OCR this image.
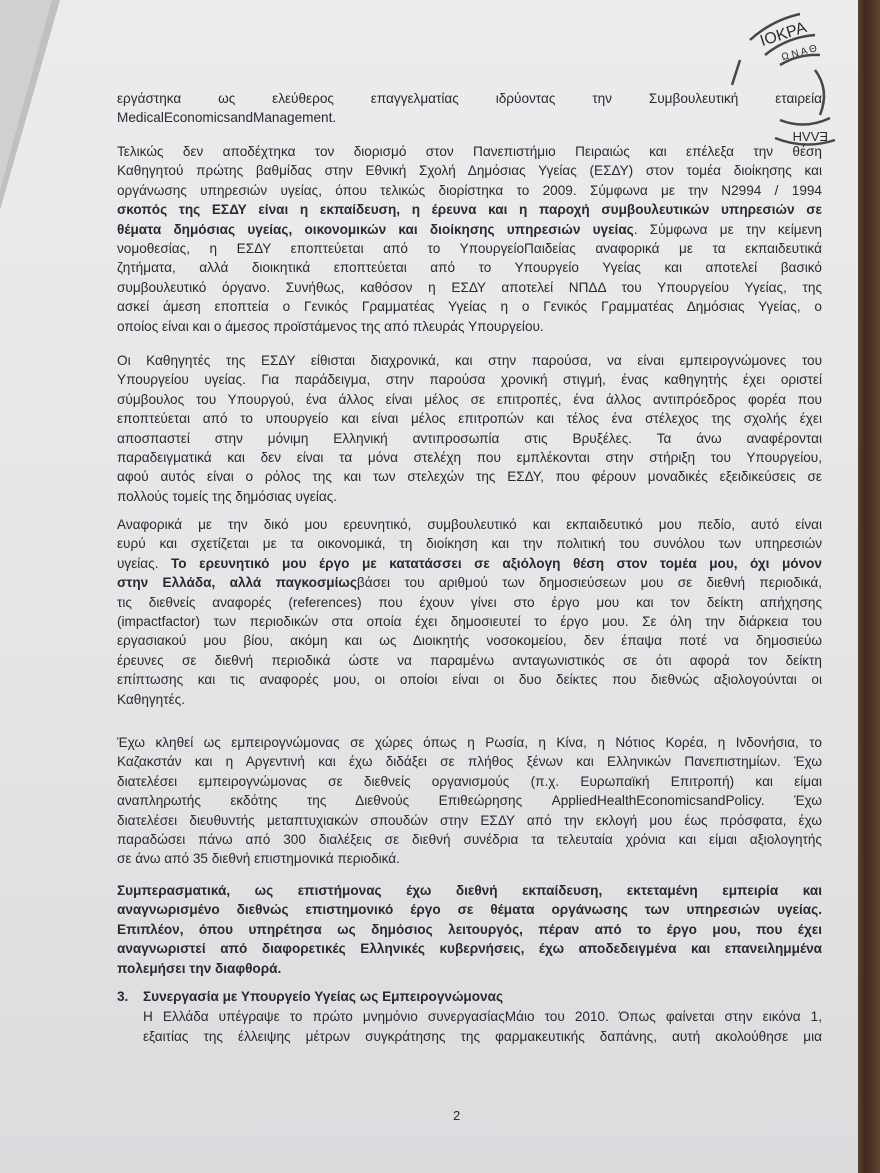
ΙΟΚΡΑ
Ω Ν Α Θ
ΕΛΛΗ
εργάστηκα ως ελεύθερος επαγγελματίας ιδρύοντας την Συμβουλευτική εταιρεία
MedicalEconomicsandManagement.
Τελικώς δεν αποδέχτηκα τον διορισμό στον Πανεπιστήμιο Πειραιώς και επέλεξα την θέση
Καθηγητού πρώτης βαθμίδας στην Εθνική Σχολή Δημόσιας Υγείας (ΕΣΔΥ) στον τομέα διοίκησης και
οργάνωσης υπηρεσιών υγείας, όπου τελικώς διορίστηκα το 2009. Σύμφωνα με την Ν2994 / 1994
σκοπός της ΕΣΔΥ είναι η εκπαίδευση, η έρευνα και η παροχή συμβουλευτικών υπηρεσιών σε
θέματα δημόσιας υγείας, οικονομικών και διοίκησης υπηρεσιών υγείας. Σύμφωνα με την κείμενη
νομοθεσίας, η ΕΣΔΥ εποπτεύεται από το ΥπουργείοΠαιδείας αναφορικά με τα εκπαιδευτικά
ζητήματα, αλλά διοικητικά εποπτεύεται από το Υπουργείο Υγείας και αποτελεί βασικό
συμβουλευτικό όργανο. Συνήθως, καθόσον η ΕΣΔΥ αποτελεί ΝΠΔΔ του Υπουργείου Υγείας, της
ασκεί άμεση εποπτεία ο Γενικός Γραμματέας Υγείας η ο Γενικός Γραμματέας Δημόσιας Υγείας, ο
οποίος είναι και ο άμεσος προϊστάμενος της από πλευράς Υπουργείου.
Οι Καθηγητές της ΕΣΔΥ είθισται διαχρονικά, και στην παρούσα, να είναι εμπειρογνώμονες του
Υπουργείου υγείας. Για παράδειγμα, στην παρούσα χρονική στιγμή, ένας καθηγητής έχει οριστεί
σύμβουλος του Υπουργού, ένα άλλος είναι μέλος σε επιτροπές, ένα άλλος αντιπρόεδρος φορέα που
εποπτεύεται από το υπουργείο και είναι μέλος επιτροπών και τέλος ένα στέλεχος της σχολής έχει
αποσπαστεί στην μόνιμη Ελληνική αντιπροσωπία στις Βρυξέλες. Τα άνω αναφέρονται
παραδειγματικά και δεν είναι τα μόνα στελέχη που εμπλέκονται στην στήριξη του Υπουργείου,
αφού αυτός είναι ο ρόλος της και των στελεχών της ΕΣΔΥ, που φέρουν μοναδικές εξειδικεύσεις σε
πολλούς τομείς της δημόσιας υγείας.
Αναφορικά με την δικό μου ερευνητικό, συμβουλευτικό και εκπαιδευτικό μου πεδίο, αυτό είναι
ευρύ και σχετίζεται με τα οικονομικά, τη διοίκηση και την πολιτική του συνόλου των υπηρεσιών
υγείας. Το ερευνητικό μου έργο με κατατάσσει σε αξιόλογη θέση στον τομέα μου, όχι μόνον
στην Ελλάδα, αλλά παγκοσμίωςβάσει του αριθμού των δημοσιεύσεων μου σε διεθνή περιοδικά,
τις διεθνείς αναφορές (references) που έχουν γίνει στο έργο μου και τον δείκτη απήχησης
(impactfactor) των περιοδικών στα οποία έχει δημοσιευτεί το έργο μου. Σε όλη την διάρκεια του
εργασιακού μου βίου, ακόμη και ως Διοικητής νοσοκομείου, δεν έπαψα ποτέ να δημοσιεύω
έρευνες σε διεθνή περιοδικά ώστε να παραμένω ανταγωνιστικός σε ότι αφορά τον δείκτη
επίπτωσης και τις αναφορές μου, οι οποίοι είναι οι δυο δείκτες που διεθνώς αξιολογούνται οι
Καθηγητές.
Έχω κληθεί ως εμπειρογνώμονας σε χώρες όπως η Ρωσία, η Κίνα, η Νότιος Κορέα, η Ινδονήσια, το
Καζακστάν και η Αργεντινή και έχω διδάξει σε πλήθος ξένων και Ελληνικών Πανεπιστημίων. Έχω
διατελέσει εμπειρογνώμονας σε διεθνείς οργανισμούς (π.χ. Ευρωπαϊκή Επιτροπή) και είμαι
αναπληρωτής εκδότης της Διεθνούς Επιθεώρησης AppliedHealthEconomicsandPolicy. Έχω
διατελέσει διευθυντής μεταπτυχιακών σπουδών στην ΕΣΔΥ από την εκλογή μου έως πρόσφατα, έχω
παραδώσει πάνω από 300 διαλέξεις σε διεθνή συνέδρια τα τελευταία χρόνια και είμαι αξιολογητής
σε άνω από 35 διεθνή επιστημονικά περιοδικά.
Συμπερασματικά, ως επιστήμονας έχω διεθνή εκπαίδευση, εκτεταμένη εμπειρία και
αναγνωρισμένο διεθνώς επιστημονικό έργο σε θέματα οργάνωσης των υπηρεσιών υγείας.
Επιπλέον, όπου υπηρέτησα ως δημόσιος λειτουργός, πέραν από το έργο μου, που έχει
αναγνωριστεί από διαφορετικές Ελληνικές κυβερνήσεις, έχω αποδεδειγμένα και επανειλημμένα
πολεμήσει την διαφθορά.
Συνεργασία με Υπουργείο Υγείας ως Εμπειρογνώμονας
Η Ελλάδα υπέγραψε το πρώτο μνημόνιο συνεργασίαςΜάιο του 2010. Όπως φαίνεται στην εικόνα 1,
εξαιτίας της έλλειψης μέτρων συγκράτησης της φαρμακευτικής δαπάνης, αυτή ακολούθησε μια
3.
2
